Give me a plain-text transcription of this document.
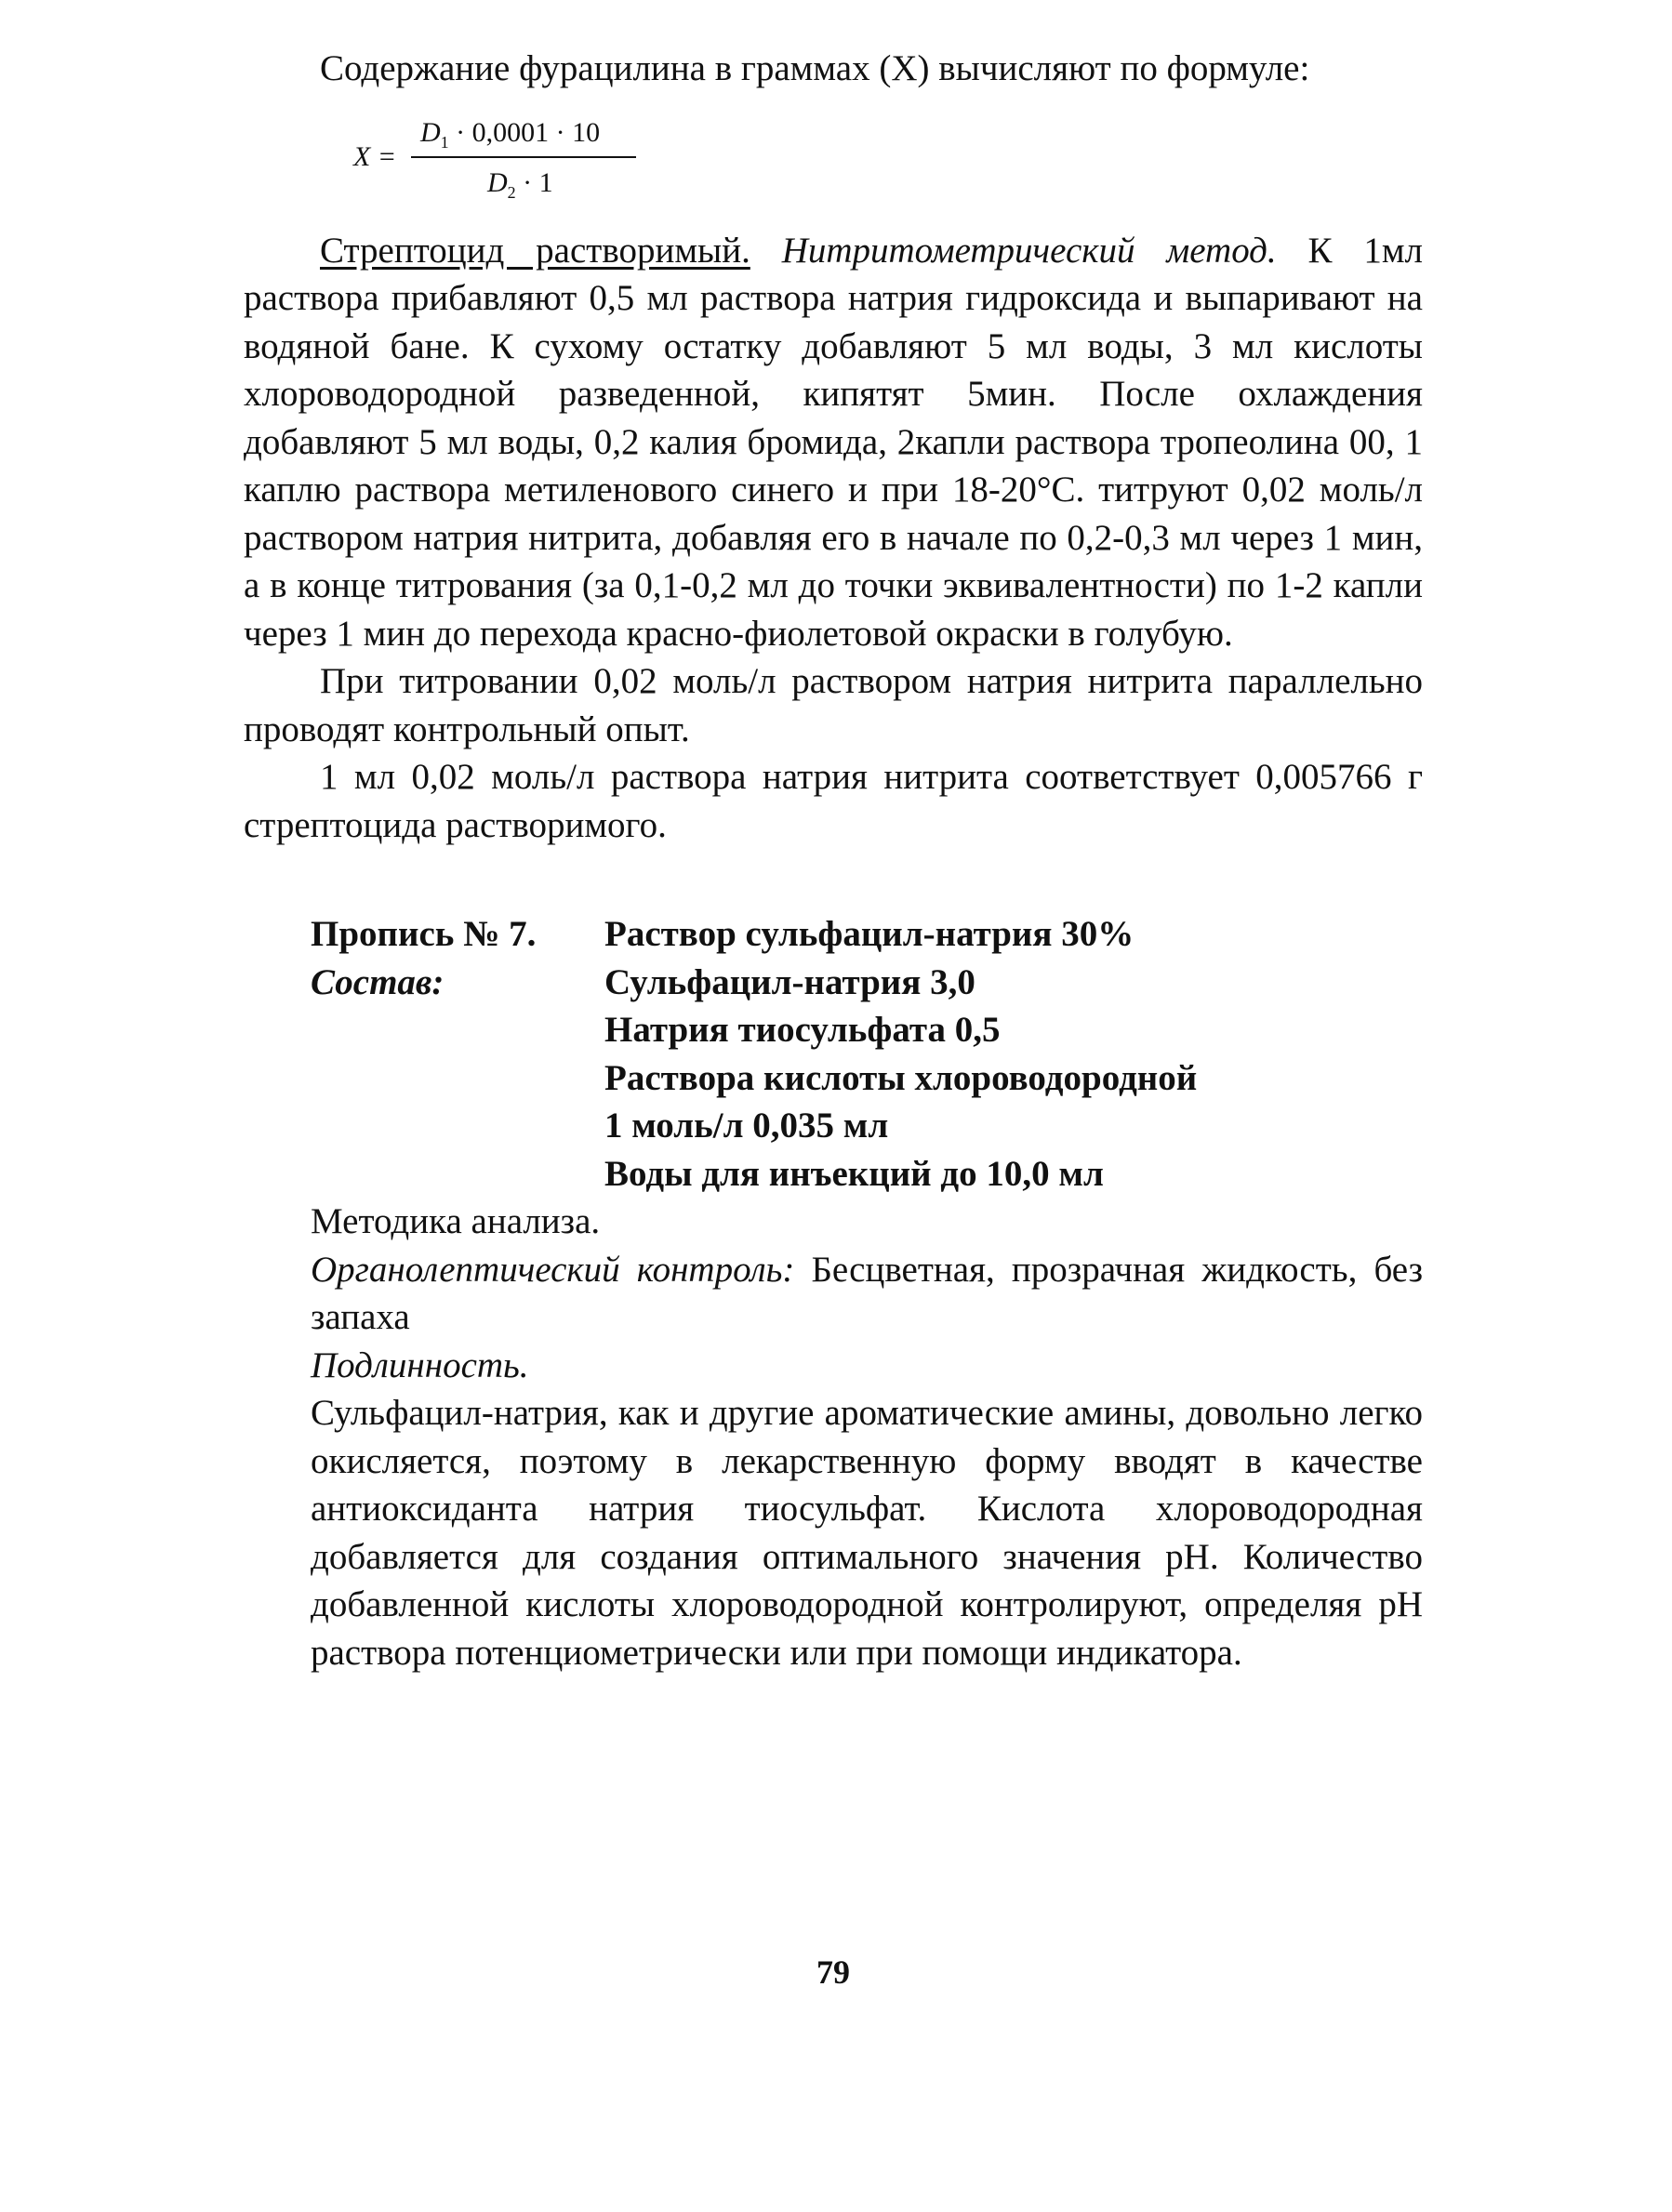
Содержание фурацилина в граммах (X) вычисляют по формуле:

X =
$D_1 \cdot 0,0001 \cdot 10$
$D_2 \cdot 1$

Стрептоцид растворимый. Нитритометрический метод. К 1мл раствора прибавляют 0,5 мл раствора натрия гидроксида и выпаривают на водяной бане. К сухому остатку добавляют 5 мл воды, 3 мл кислоты хлороводородной разведенной, кипятят 5мин. После охлаждения добавляют 5 мл воды, 0,2 калия бромида, 2капли раствора тропеолина 00, 1 каплю раствора метиленового синего и при 18-20°С. титруют 0,02 моль/л раствором натрия нитрита, добавляя его в начале по 0,2-0,3 мл через 1 мин, а в конце титрования (за 0,1-0,2 мл до точки эквивалентности) по 1-2 капли через 1 мин до перехода красно-фиолетовой окраски в голубую.

При титровании 0,02 моль/л раствором натрия нитрита параллельно проводят контрольный опыт.

1 мл 0,02 моль/л раствора натрия нитрита соответствует 0,005766 г стрептоцида растворимого.

Пропись № 7.	Раствор сульфацил-натрия 30%
Состав:	Сульфацил-натрия 3,0
Натрия тиосульфата 0,5
Раствора кислоты хлороводородной
1 моль/л 0,035 мл
Воды для инъекций до 10,0 мл

Методика анализа.

Органолептический контроль: Бесцветная, прозрачная жидкость, без запаха

Подлинность.

Сульфацил-натрия, как и другие ароматические амины, довольно легко окисляется, поэтому в лекарственную форму вводят в качестве антиоксиданта натрия тиосульфат. Кислота хлороводородная добавляется для создания оптимального значения рН. Количество добавленной кислоты хлороводородной контролируют, определяя рН раствора потенциометрически или при помощи индикатора.

79
